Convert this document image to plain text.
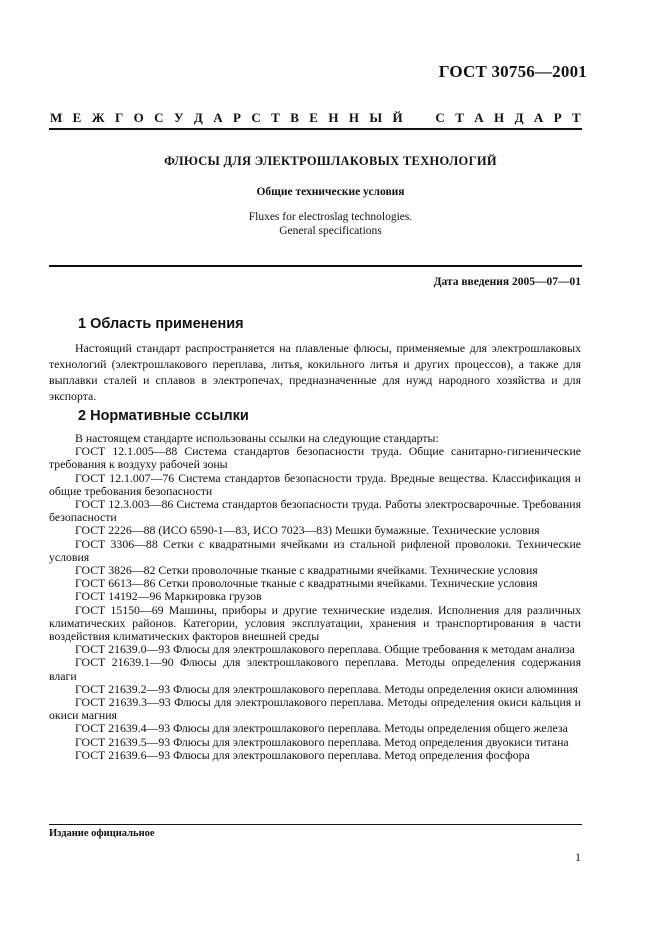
ГОСТ 30756—2001
М Е Ж Г О С У Д А Р С Т В Е Н Н Ы Й	С Т А Н Д А Р Т
ФЛЮСЫ ДЛЯ ЭЛЕКТРОШЛАКОВЫХ ТЕХНОЛОГИЙ
Общие технические условия
Fluxes for electroslag technologies.
General specifications
Дата введения 2005—07—01
1 Область применения

Настоящий стандарт распространяется на плавленые флюсы, применяемые для электрошлаковых технологий (электрошлакового переплава, литья, кокильного литья и других процессов), а также для выплавки сталей и сплавов в электропечах, предназначенные для нужд народного хозяйства и для экспорта.

2 Нормативные ссылки

В настоящем стандарте использованы ссылки на следующие стандарты:

ГОСТ 12.1.005—88 Система стандартов безопасности труда. Общие санитарно-гигиенические требования к воздуху рабочей зоны

ГОСТ 12.1.007—76 Система стандартов безопасности труда. Вредные вещества. Классификация и общие требования безопасности

ГОСТ 12.3.003—86 Система стандартов безопасности труда. Работы электросварочные. Требования безопасности

ГОСТ 2226—88 (ИСО 6590-1—83, ИСО 7023—83) Мешки бумажные. Технические условия

ГОСТ 3306—88 Сетки с квадратными ячейками из стальной рифленой проволоки. Технические условия

ГОСТ 3826—82 Сетки проволочные тканые с квадратными ячейками. Технические условия

ГОСТ 6613—86 Сетки проволочные тканые с квадратными ячейками. Технические условия

ГОСТ 14192—96 Маркировка грузов

ГОСТ 15150—69 Машины, приборы и другие технические изделия. Исполнения для различных климатических районов. Категории, условия эксплуатации, хранения и транспортирования в части воздействия климатических факторов внешней среды

ГОСТ 21639.0—93 Флюсы для электрошлакового переплава. Общие требования к методам анализа

ГОСТ 21639.1—90 Флюсы для электрошлакового переплава. Методы определения содержания влаги

ГОСТ 21639.2—93 Флюсы для электрошлакового переплава. Методы определения окиси алюминия

ГОСТ 21639.3—93 Флюсы для электрошлакового переплава. Методы определения окиси кальция и окиси магния

ГОСТ 21639.4—93 Флюсы для электрошлакового переплава. Методы определения общего железа

ГОСТ 21639.5—93 Флюсы для электрошлакового переплава. Метод определения двуокиси титана

ГОСТ 21639.6—93 Флюсы для электрошлакового переплава. Метод определения фосфора

Издание официальное
1
